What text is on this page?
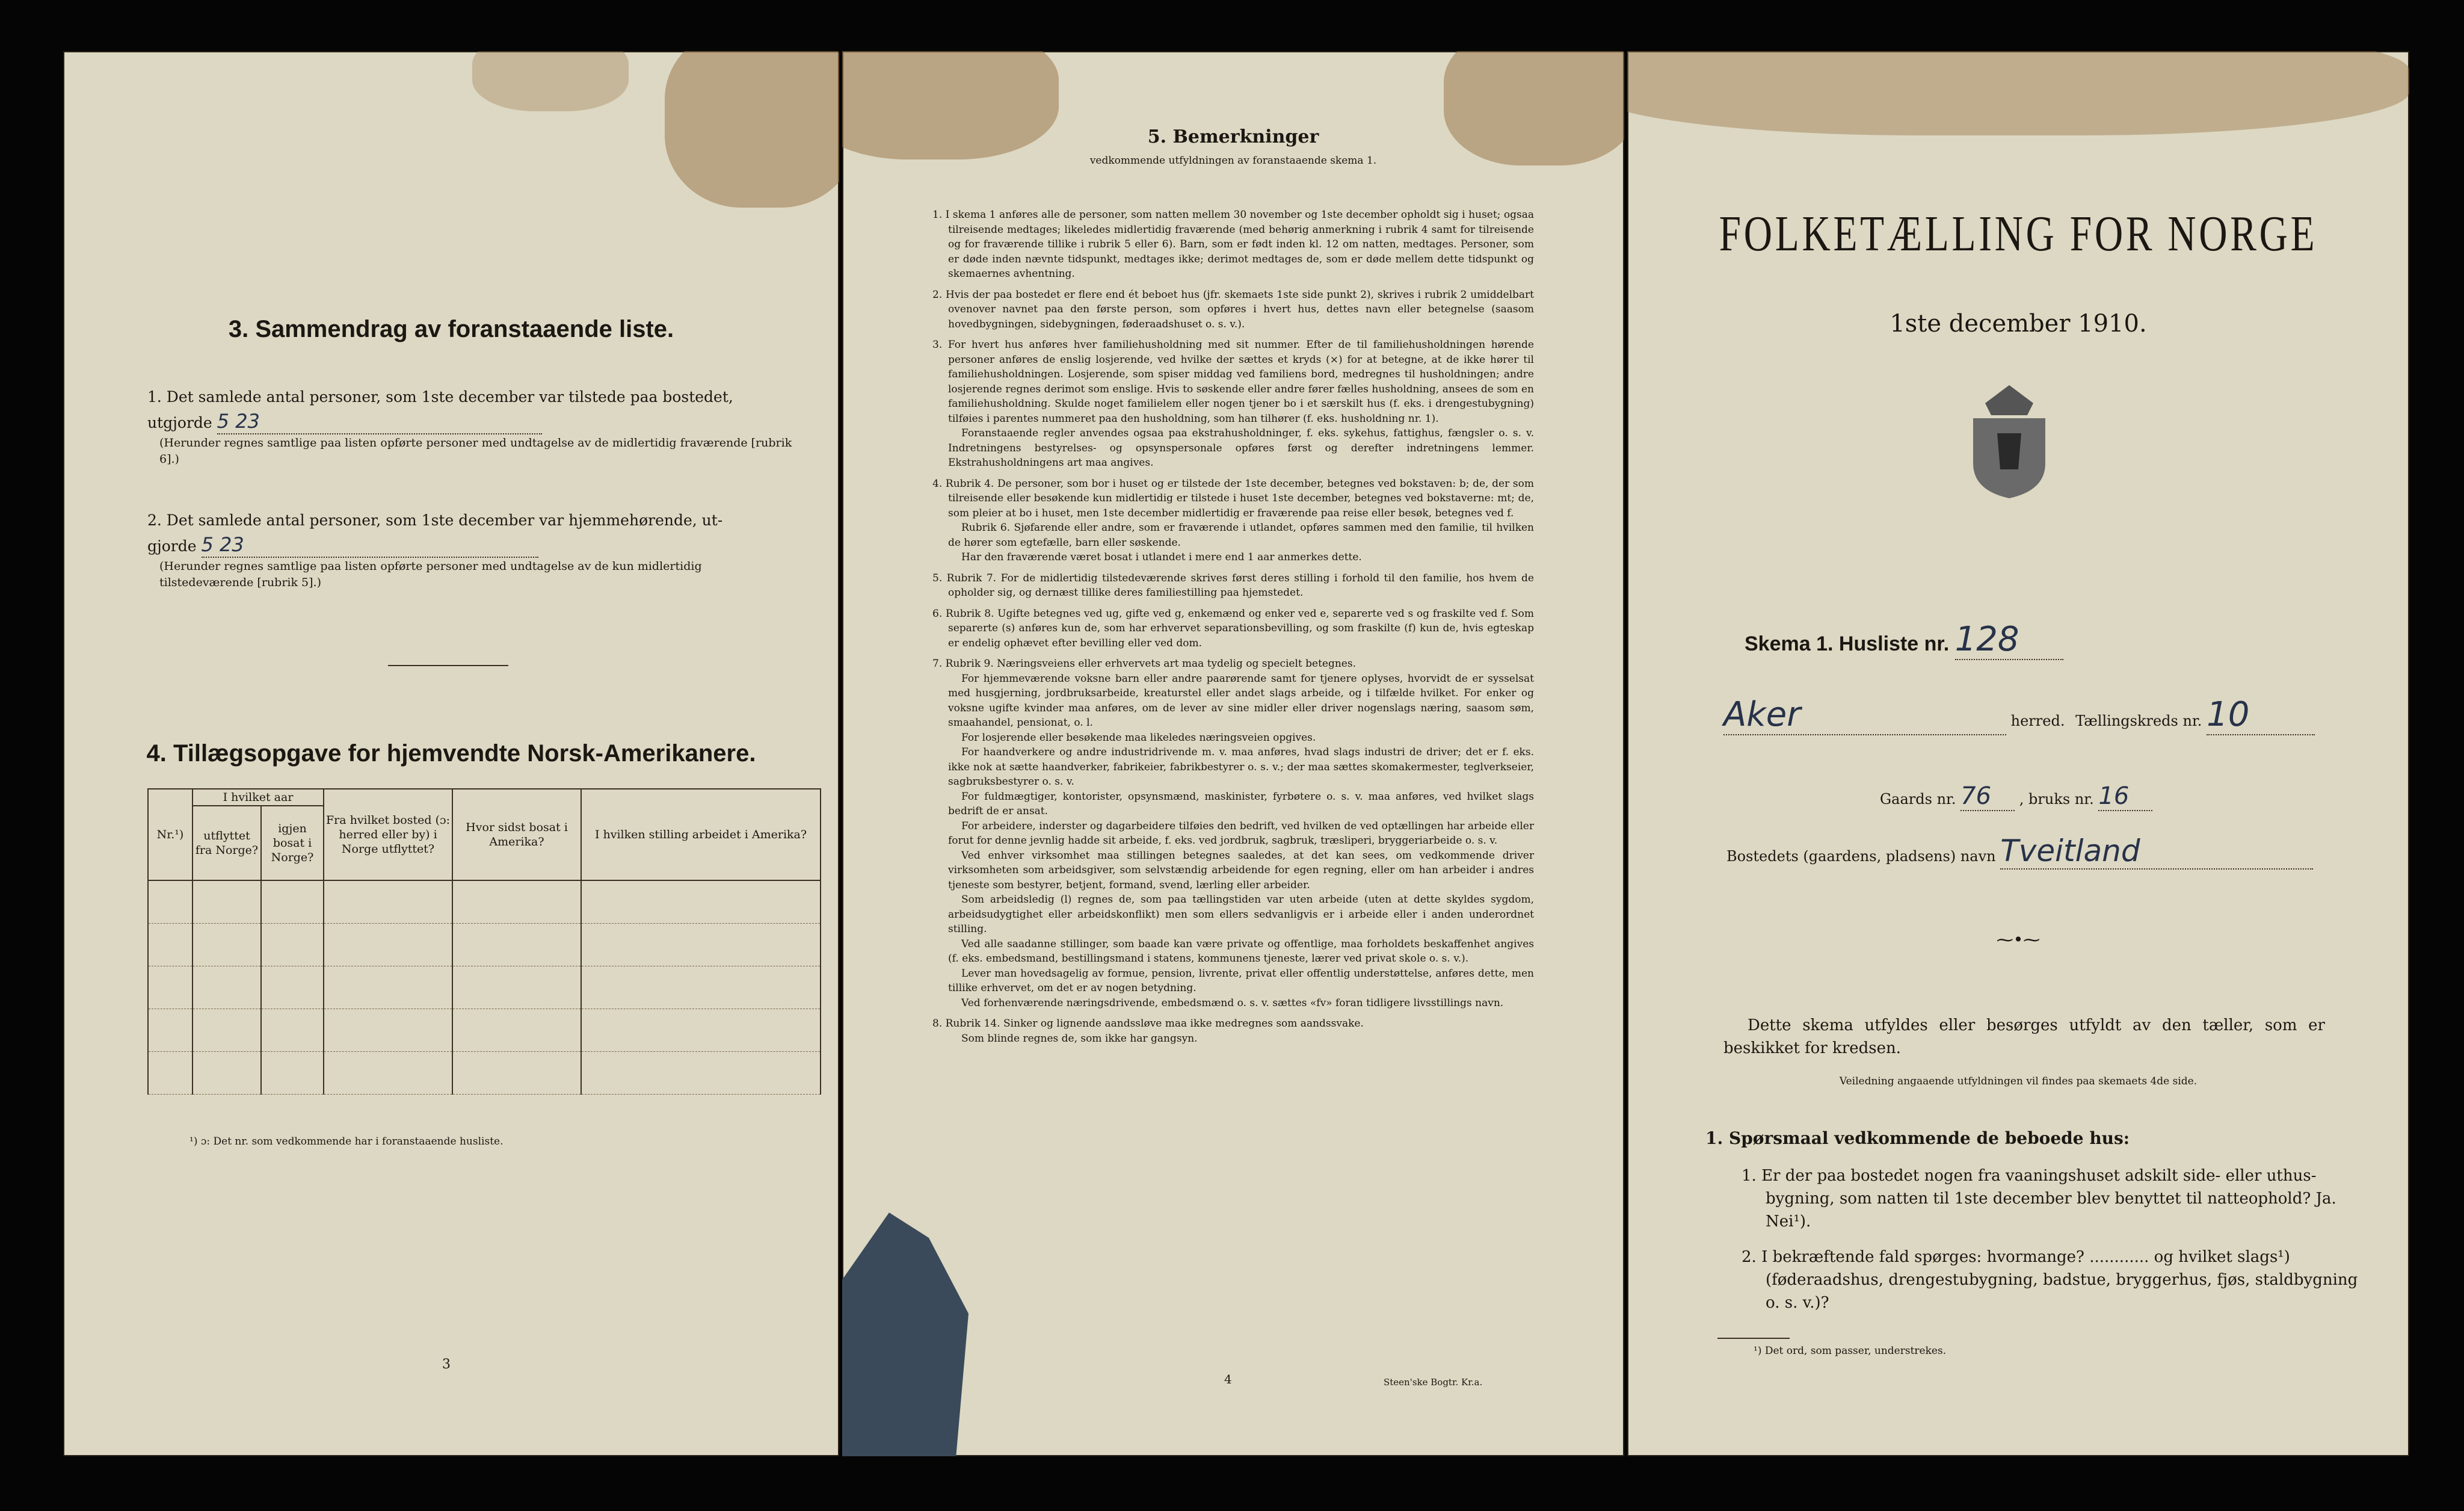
3. Sammendrag av foranstaaende liste.
1. Det samlede antal personer, som 1ste december var tilstede paa bostedet,
utgjorde 5 23
(Herunder regnes samtlige paa listen opførte personer med undtagelse av de midlertidig fraværende [rubrik 6].)
2. Det samlede antal personer, som 1ste december var hjemmehørende, ut-
gjorde 5 23
(Herunder regnes samtlige paa listen opførte personer med undtagelse av de kun midlertidig tilstedeværende [rubrik 5].)
4. Tillægsopgave for hjemvendte Norsk-Amerikanere.
Nr.¹)	I hvilket aar		Fra hvilket bosted (ɔ: herred eller by) i Norge utflyttet?	Hvor sidst bosat i Amerika?	I hvilken stilling arbeidet i Amerika?
	utflyttet fra Norge?	igjen bosat i Norge?			

¹) ɔ: Det nr. som vedkommende har i foranstaaende husliste.
3
5. Bemerkninger
vedkommende utfyldningen av foranstaaende skema 1.
1. I skema 1 anføres alle de personer, som natten mellem 30 november og 1ste december opholdt sig i huset; ogsaa tilreisende medtages; likeledes midlertidig fraværende (med behørig anmerkning i rubrik 4 samt for tilreisende og for fraværende tillike i rubrik 5 eller 6). Barn, som er født inden kl. 12 om natten, medtages. Personer, som er døde inden nævnte tidspunkt, medtages ikke; derimot medtages de, som er døde mellem dette tidspunkt og skemaernes avhentning.
2. Hvis der paa bostedet er flere end ét beboet hus (jfr. skemaets 1ste side punkt 2), skrives i rubrik 2 umiddelbart ovenover navnet paa den første person, som opføres i hvert hus, dettes navn eller betegnelse (saasom hovedbygningen, sidebygningen, føderaadshuset o. s. v.).
3. For hvert hus anføres hver familiehusholdning med sit nummer. Efter de til familiehusholdningen hørende personer anføres de enslig losjerende, ved hvilke der sættes et kryds (×) for at betegne, at de ikke hører til familiehusholdningen. Losjerende, som spiser middag ved familiens bord, medregnes til husholdningen; andre losjerende regnes derimot som enslige. Hvis to søskende eller andre fører fælles husholdning, ansees de som en familiehusholdning. Skulde noget familielem eller nogen tjener bo i et særskilt hus (f. eks. i drengestubygning) tilføies i parentes nummeret paa den husholdning, som han tilhører (f. eks. husholdning nr. 1).
Foranstaaende regler anvendes ogsaa paa ekstrahusholdninger, f. eks. sykehus, fattighus, fængsler o. s. v. Indretningens bestyrelses- og opsynspersonale opføres først og derefter indretningens lemmer. Ekstrahusholdningens art maa angives.
4. Rubrik 4. De personer, som bor i huset og er tilstede der 1ste december, betegnes ved bokstaven: b; de, der som tilreisende eller besøkende kun midlertidig er tilstede i huset 1ste december, betegnes ved bokstaverne: mt; de, som pleier at bo i huset, men 1ste december midlertidig er fraværende paa reise eller besøk, betegnes ved f.
Rubrik 6. Sjøfarende eller andre, som er fraværende i utlandet, opføres sammen med den familie, til hvilken de hører som egtefælle, barn eller søskende.
Har den fraværende været bosat i utlandet i mere end 1 aar anmerkes dette.
5. Rubrik 7. For de midlertidig tilstedeværende skrives først deres stilling i forhold til den familie, hos hvem de opholder sig, og dernæst tillike deres familiestilling paa hjemstedet.
6. Rubrik 8. Ugifte betegnes ved ug, gifte ved g, enkemænd og enker ved e, separerte ved s og fraskilte ved f. Som separerte (s) anføres kun de, som har erhvervet separationsbevilling, og som fraskilte (f) kun de, hvis egteskap er endelig ophævet efter bevilling eller ved dom.
7. Rubrik 9. Næringsveiens eller erhvervets art maa tydelig og specielt betegnes.
For hjemmeværende voksne barn eller andre paarørende samt for tjenere oplyses, hvorvidt de er sysselsat med husgjerning, jordbruksarbeide, kreaturstel eller andet slags arbeide, og i tilfælde hvilket. For enker og voksne ugifte kvinder maa anføres, om de lever av sine midler eller driver nogenslags næring, saasom søm, smaahandel, pensionat, o. l.
For losjerende eller besøkende maa likeledes næringsveien opgives.
For haandverkere og andre industridrivende m. v. maa anføres, hvad slags industri de driver; det er f. eks. ikke nok at sætte haandverker, fabrikeier, fabrikbestyrer o. s. v.; der maa sættes skomakermester, teglverkseier, sagbruksbestyrer o. s. v.
For fuldmægtiger, kontorister, opsynsmænd, maskinister, fyrbøtere o. s. v. maa anføres, ved hvilket slags bedrift de er ansat.
For arbeidere, inderster og dagarbeidere tilføies den bedrift, ved hvilken de ved optællingen har arbeide eller forut for denne jevnlig hadde sit arbeide, f. eks. ved jordbruk, sagbruk, træsliperi, bryggeriarbeide o. s. v.
Ved enhver virksomhet maa stillingen betegnes saaledes, at det kan sees, om vedkommende driver virksomheten som arbeidsgiver, som selvstændig arbeidende for egen regning, eller om han arbeider i andres tjeneste som bestyrer, betjent, formand, svend, lærling eller arbeider.
Som arbeidsledig (l) regnes de, som paa tællingstiden var uten arbeide (uten at dette skyldes sygdom, arbeidsudygtighet eller arbeidskonflikt) men som ellers sedvanligvis er i arbeide eller i anden underordnet stilling.
Ved alle saadanne stillinger, som baade kan være private og offentlige, maa forholdets beskaffenhet angives (f. eks. embedsmand, bestillingsmand i statens, kommunens tjeneste, lærer ved privat skole o. s. v.).
Lever man hovedsagelig av formue, pension, livrente, privat eller offentlig understøttelse, anføres dette, men tillike erhvervet, om det er av nogen betydning.
Ved forhenværende næringsdrivende, embedsmænd o. s. v. sættes «fv» foran tidligere livsstillings navn.
8. Rubrik 14. Sinker og lignende aandssløve maa ikke medregnes som aandssvake.
Som blinde regnes de, som ikke har gangsyn.
4	Steen'ske Bogtr. Kr.a.
FOLKETÆLLING FOR NORGE
1ste december 1910.
Skema 1. Husliste nr. 128
Aker	herred. Tællingskreds nr. 10
Gaards nr. 76 , bruks nr. 16
Bostedets (gaardens, pladsens) navn Tveitland
⁓•⁓
Dette skema utfyldes eller besørges utfyldt av den tæller, som er beskikket for kredsen.
Veiledning angaaende utfyldningen vil findes paa skemaets 4de side.
1. Spørsmaal vedkommende de beboede hus:
1. Er der paa bostedet nogen fra vaaningshuset adskilt side- eller uthus-bygning, som natten til 1ste december blev benyttet til natteophold? Ja. Nei¹).
2. I bekræftende fald spørges: hvormange? ............ og hvilket slags¹) (føderaadshus, drengestubygning, badstue, bryggerhus, fjøs, staldbygning o. s. v.)?
¹) Det ord, som passer, understrekes.
